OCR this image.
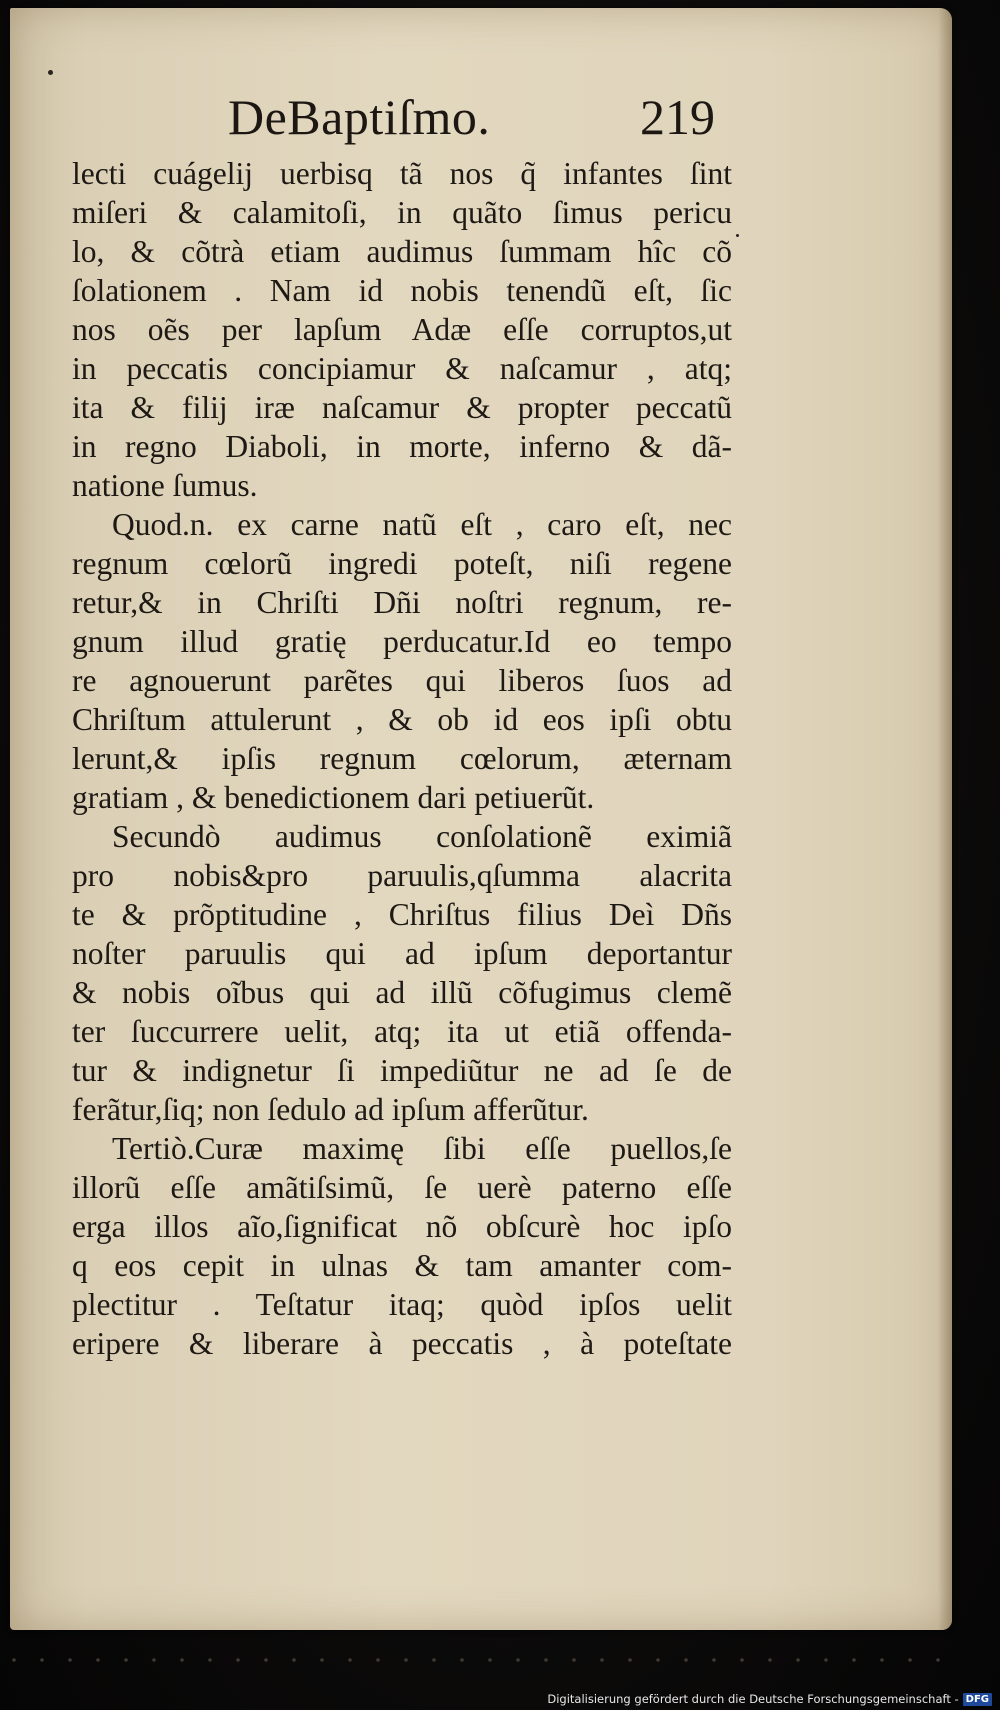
DeBaptiſmo.	219
lecti cuágelij uerbisq tã nos q̃ infantes ſint
miſeri & calamitoſi, in quãto ſimus pericu
lo, & cõtrà etiam audimus ſummam hîc cõ
ſolationem . Nam id nobis tenendũ eſt, ſic
nos oẽs per lapſum Adæ eſſe corruptos,ut
in peccatis concipiamur & naſcamur , atq;
ita & filij iræ naſcamur & propter peccatũ
in regno Diaboli, in morte, inferno & dã-
natione ſumus.
Quod.n. ex carne natũ eſt , caro eſt, nec
regnum cœlorũ ingredi poteſt, niſi regene
retur,& in Chriſti Dñi noſtri regnum, re-
gnum illud gratię perducatur.Id eo tempo
re agnouerunt parẽtes qui liberos ſuos ad
Chriſtum attulerunt , & ob id eos ipſi obtu
lerunt,& ipſis regnum cœlorum, æternam
gratiam , & benedictionem dari petiuerũt.
Secundò audimus conſolationẽ eximiã
pro nobis&pro paruulis,qſumma alacrita
te & prõptitudine , Chriſtus filius Deì Dñs
noſter paruulis qui ad ipſum deportantur
& nobis oĩbus qui ad illũ cõfugimus clemẽ
ter ſuccurrere uelit, atq; ita ut etiã offenda-
tur & indignetur ſi impediũtur ne ad ſe de
ferãtur,ſiq; non ſedulo ad ipſum afferũtur.
Tertiò.Curæ maximę ſibi eſſe puellos,ſe
illorũ eſſe amãtiſsimũ, ſe uerè paterno eſſe
erga illos aĩo,ſignificat nõ obſcurè hoc ipſo
q eos cepit in ulnas & tam amanter com-
plectitur . Teſtatur itaq; quòd ipſos uelit
eripere & liberare à peccatis , à poteſtate
Digitalisierung gefördert durch die Deutsche Forschungsgemeinschaft - DFG
